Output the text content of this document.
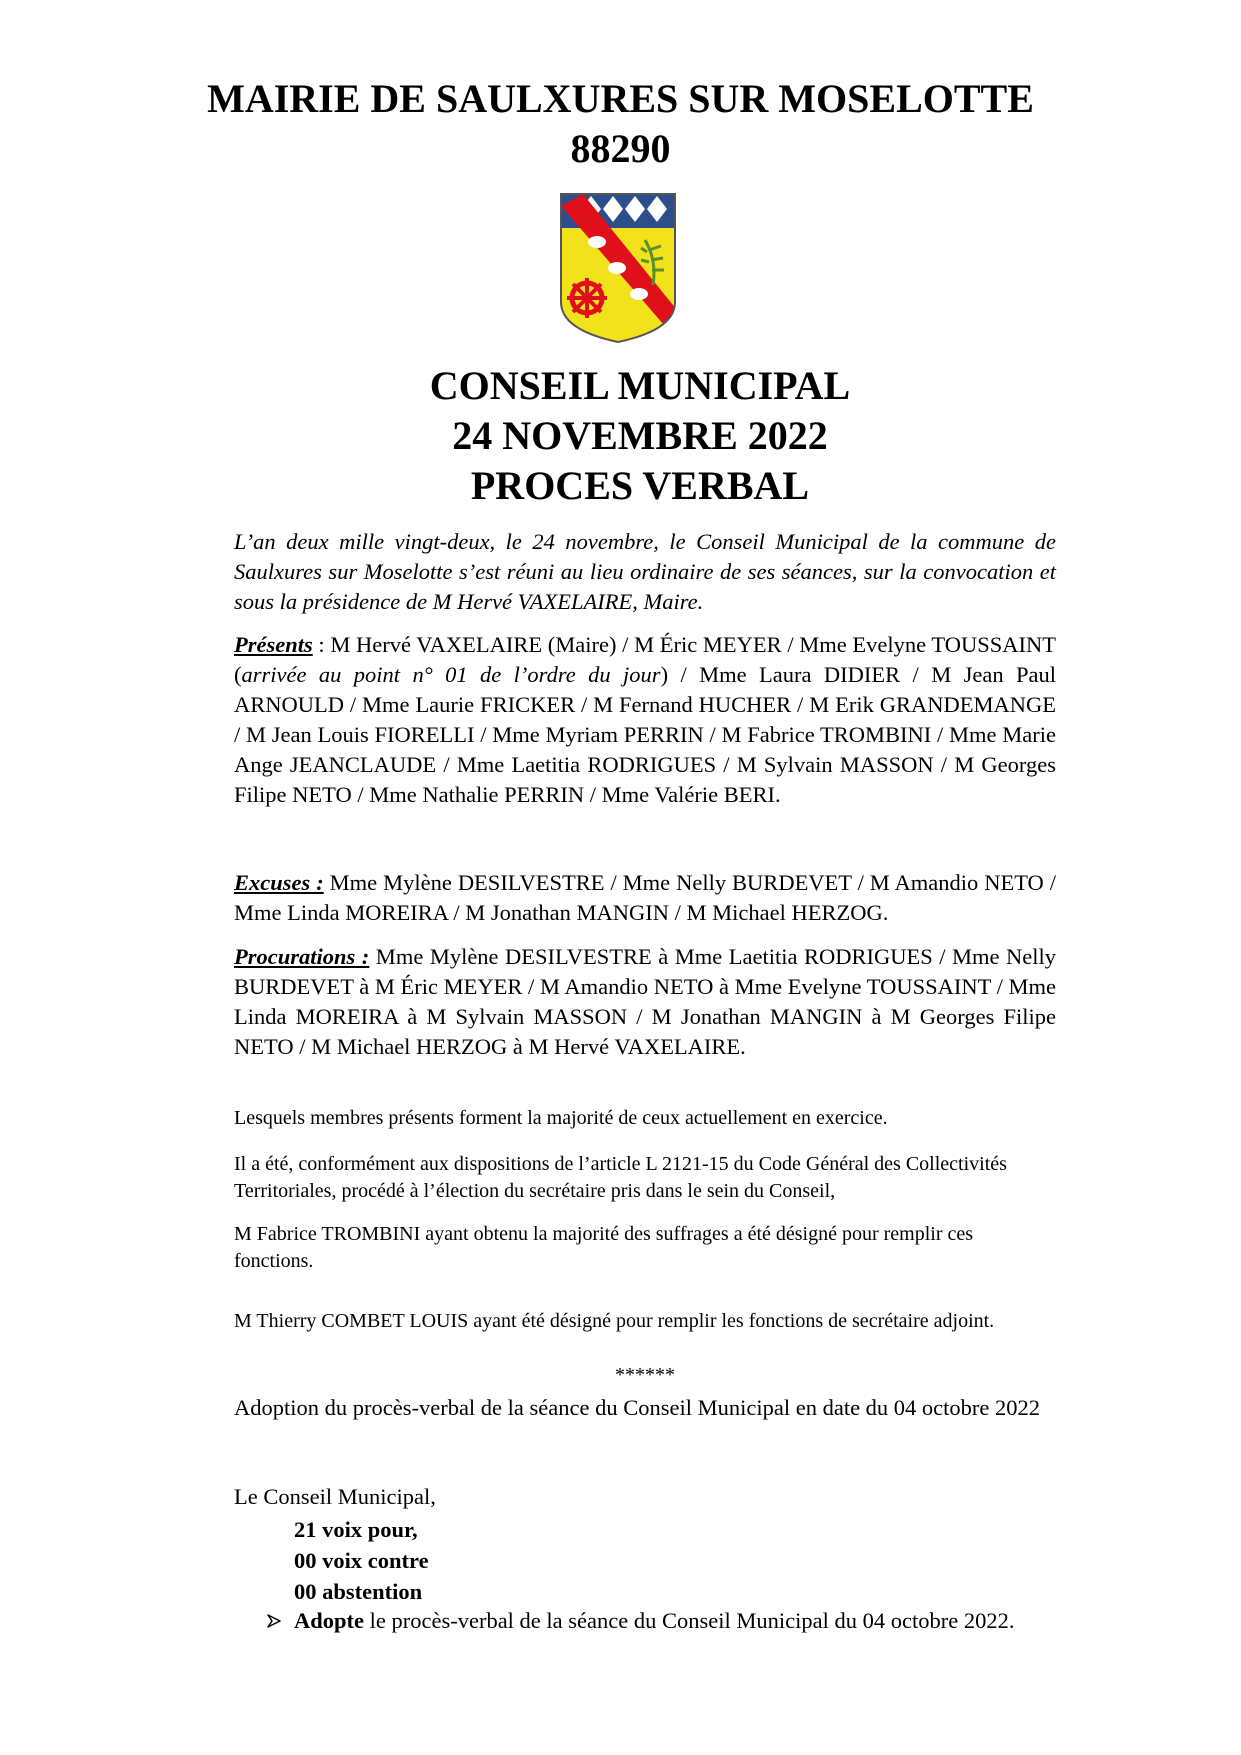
MAIRIE DE SAULXURES SUR MOSELOTTE
88290
CONSEIL MUNICIPAL
24 NOVEMBRE 2022
PROCES VERBAL

L’an deux mille vingt-deux, le 24 novembre, le Conseil Municipal de la commune de Saulxures sur Moselotte s’est réuni au lieu ordinaire de ses séances, sur la convocation et sous la présidence de M Hervé VAXELAIRE, Maire.

Présents : M Hervé VAXELAIRE (Maire) / M Éric MEYER / Mme Evelyne TOUSSAINT (arrivée au point n° 01 de l’ordre du jour) / Mme Laura DIDIER / M Jean Paul ARNOULD / Mme Laurie FRICKER / M Fernand HUCHER / M Erik GRANDEMANGE / M Jean Louis FIORELLI / Mme Myriam PERRIN / M Fabrice TROMBINI / Mme Marie Ange JEANCLAUDE / Mme Laetitia RODRIGUES / M Sylvain MASSON / M Georges Filipe NETO / Mme Nathalie PERRIN / Mme Valérie BERI.

Excuses : Mme Mylène DESILVESTRE / Mme Nelly BURDEVET / M Amandio NETO / Mme Linda MOREIRA / M Jonathan MANGIN / M Michael HERZOG.

Procurations : Mme Mylène DESILVESTRE à Mme Laetitia RODRIGUES / Mme Nelly BURDEVET à M Éric MEYER / M Amandio NETO à Mme Evelyne TOUSSAINT / Mme Linda MOREIRA à M Sylvain MASSON / M Jonathan MANGIN à M Georges Filipe NETO / M Michael HERZOG à M Hervé VAXELAIRE.

Lesquels membres présents forment la majorité de ceux actuellement en exercice.

Il a été, conformément aux dispositions de l’article L 2121-15 du Code Général des Collectivités Territoriales, procédé à l’élection du secrétaire pris dans le sein du Conseil,

M Fabrice TROMBINI ayant obtenu la majorité des suffrages a été désigné pour remplir ces fonctions.

M Thierry COMBET LOUIS ayant été désigné pour remplir les fonctions de secrétaire adjoint.

******

Adoption du procès-verbal de la séance du Conseil Municipal en date du 04 octobre 2022

Le Conseil Municipal,

21 voix pour,
00 voix contre
00 abstention

Adopte le procès-verbal de la séance du Conseil Municipal du 04 octobre 2022.
